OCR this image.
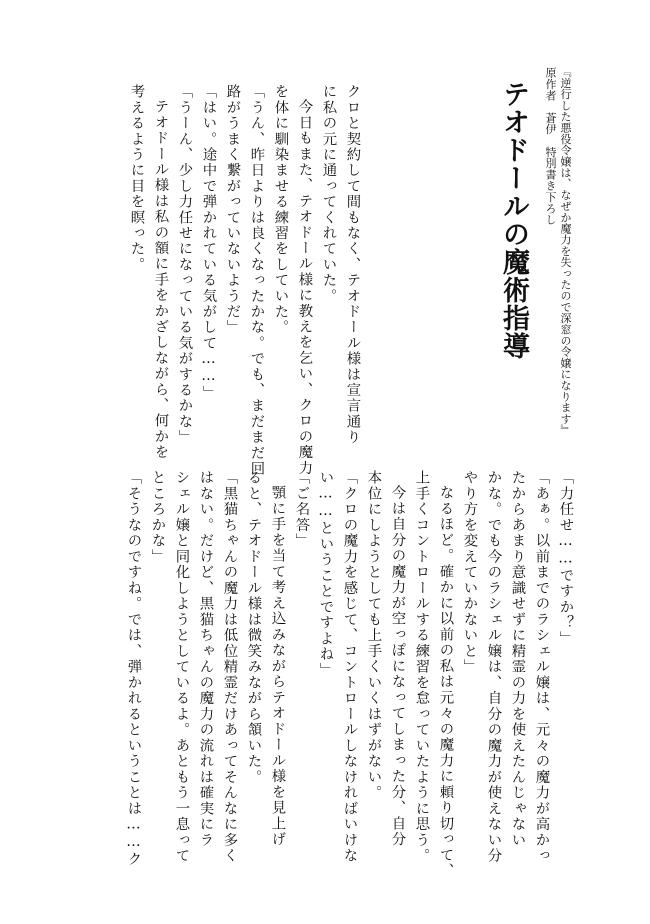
『逆行した悪役令嬢は、なぜか魔力を失ったので深窓の令嬢になります』
原作者　蒼伊　特別書き下ろし
テオドールの魔術指導
クロと契約して間もなく、テオドール様は宣言通り
に私の元に通ってくれていた。
今日もまた、テオドール様に教えを乞い、クロの魔力
を体に馴染ませる練習をしていた。
「うん、昨日よりは良くなったかな。でも、まだまだ回
路がうまく繋がっていないようだ」
「はい。途中で弾かれている気がして……」
「うーん、少し力任せになっている気がするかな」
テオドール様は私の額に手をかざしながら、何かを
考えるように目を瞑った。
「力任せ……ですか？」
「あぁ。以前までのラシェル嬢は、元々の魔力が高かっ
たからあまり意識せずに精霊の力を使えたんじゃない
かな。でも今のラシェル嬢は、自分の魔力が使えない分
やり方を変えていかないと」
なるほど。確かに以前の私は元々の魔力に頼り切って、
上手くコントロールする練習を怠っていたように思う。
今は自分の魔力が空っぽになってしまった分、自分
本位にしようとしても上手くいくはずがない。
「クロの魔力を感じて、コントロールしなければいけな
い……ということですよね」
「ご名答」
顎に手を当て考え込みながらテオドール様を見上げ
ると、テオドール様は微笑みながら頷いた。
「黒猫ちゃんの魔力は低位精霊だけあってそんなに多く
はない。だけど、黒猫ちゃんの魔力の流れは確実にラ
シェル嬢と同化しようとしているよ。あともう一息って
ところかな」
「そうなのですね。では、弾かれるということは……ク
